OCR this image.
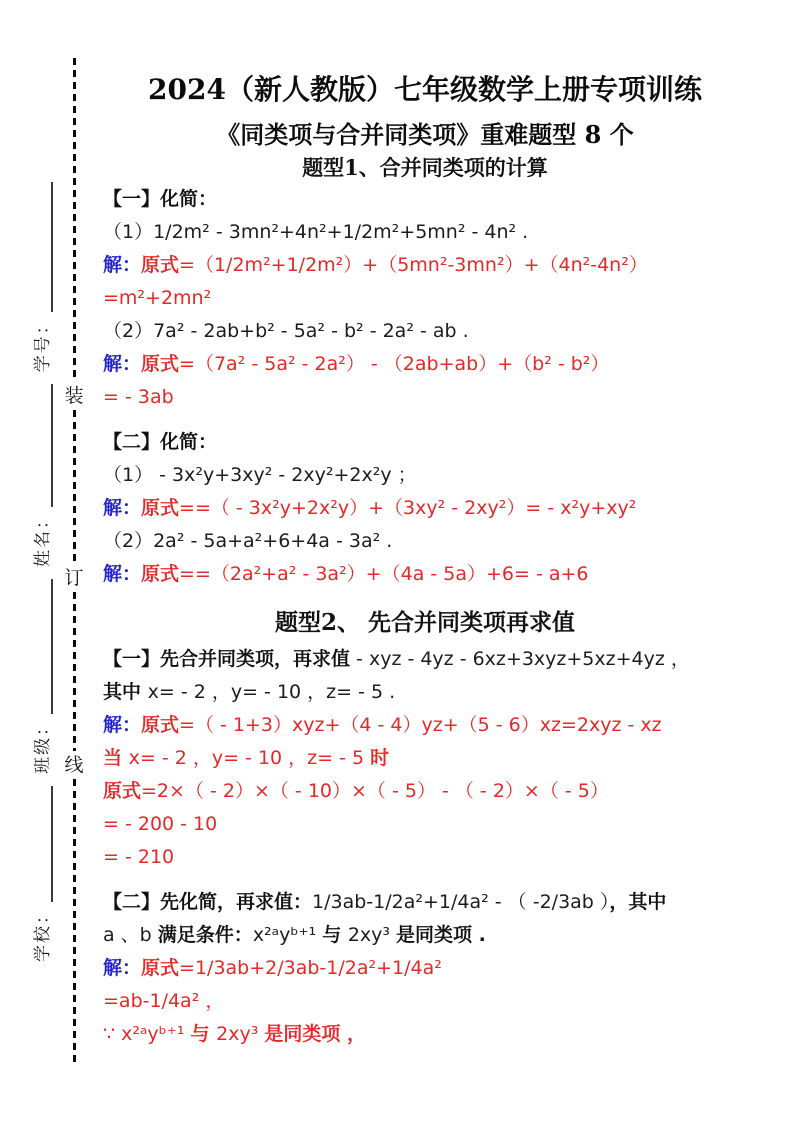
学校：
班级：
姓名：
学号：
装
订
线
2024（新人教版）七年级数学上册专项训练
《同类项与合并同类项》重难题型 8 个
题型1、合并同类项的计算
【一】化简：
（1）1/2m² - 3mn²+4n²+1/2m²+5mn² - 4n² .
解：原式=（1/2m²+1/2m²）+（5mn²-3mn²）+（4n²-4n²）
=m²+2mn²
（2）7a² - 2ab+b² - 5a² - b² - 2a² - ab .
解：原式=（7a² - 5a² - 2a²） - （2ab+ab）+（b² - b²）
= - 3ab
【二】化简：
（1） - 3x²y+3xy² - 2xy²+2x²y ；
解：原式==（ - 3x²y+2x²y）+（3xy² - 2xy²）= - x²y+xy²
（2）2a² - 5a+a²+6+4a - 3a² .
解：原式==（2a²+a² - 3a²）+（4a - 5a）+6= - a+6
题型2、 先合并同类项再求值
【一】先合并同类项，再求值 - xyz - 4yz - 6xz+3xyz+5xz+4yz ，
其中 x= - 2 ，y= - 10 ，z= - 5 .
解：原式=（ - 1+3）xyz+（4 - 4）yz+（5 - 6）xz=2xyz - xz
当 x= - 2 ，y= - 10 ，z= - 5 时
原式=2×（ - 2）×（ - 10）×（ - 5） - （ - 2）×（ - 5）
= - 200 - 10
= - 210
【二】先化简，再求值：1/3ab-1/2a²+1/4a² - （ -2/3ab ），其中
a 、b 满足条件：x²ᵃyᵇ⁺¹ 与 2xy³ 是同类项 .
解：原式=1/3ab+2/3ab-1/2a²+1/4a²
=ab-1/4a² ，
∵ x²ᵃyᵇ⁺¹ 与 2xy³ 是同类项 ，
